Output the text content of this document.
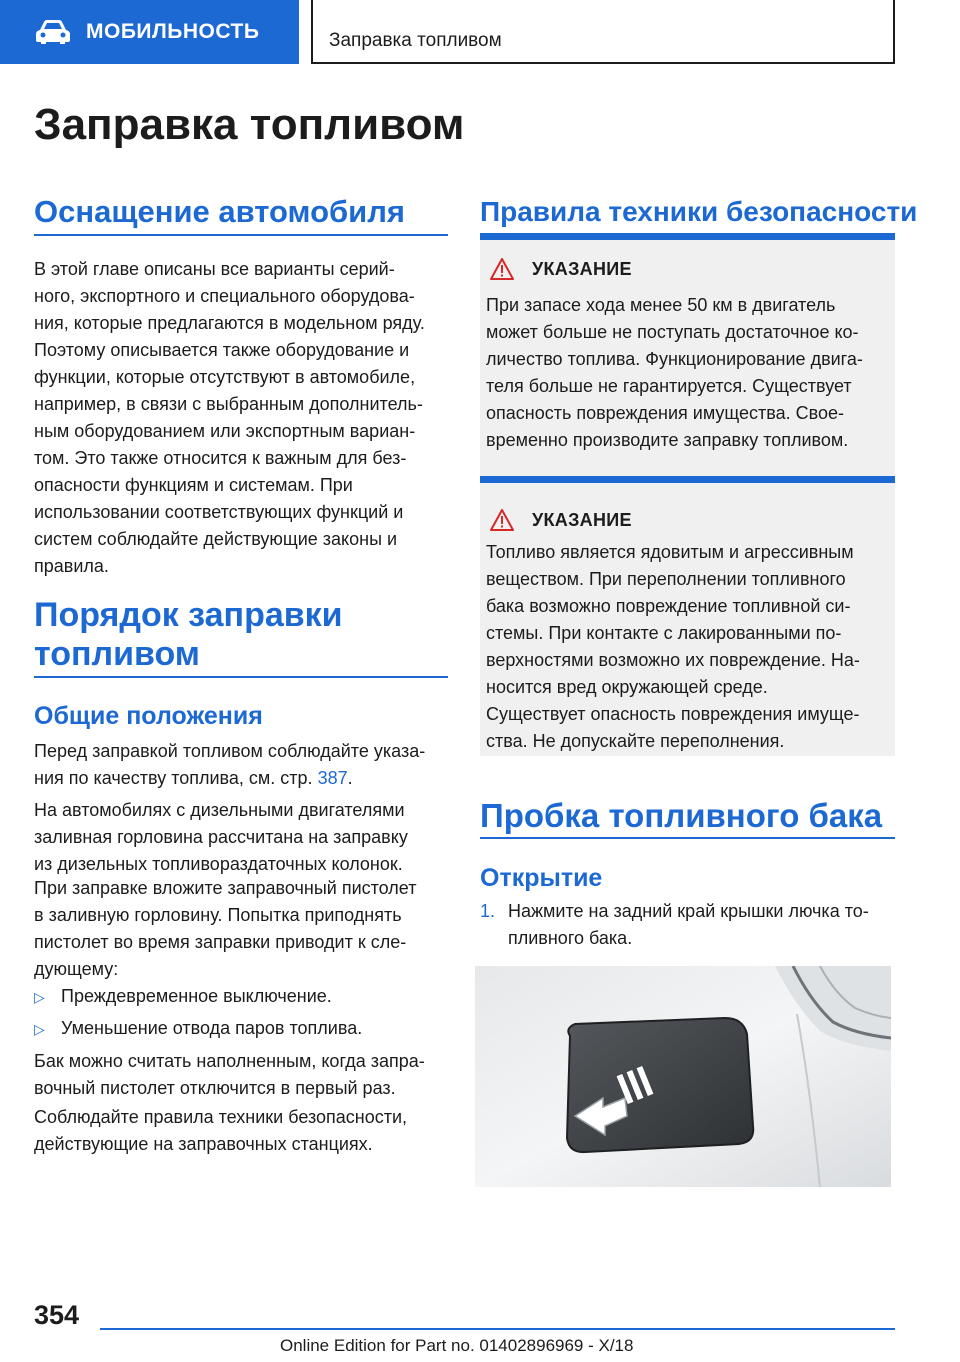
МОБИЛЬНОСТЬ	Заправка топливом
Заправка топливом
Оснащение автомобиля
В этой главе описаны все варианты серий-
ного, экспортного и специального оборудова-
ния, которые предлагаются в модельном ряду.
Поэтому описывается также оборудование и
функции, которые отсутствуют в автомобиле,
например, в связи с выбранным дополнитель-
ным оборудованием или экспортным вариан-
том. Это также относится к важным для без-
опасности функциям и системам. При
использовании соответствующих функций и
систем соблюдайте действующие законы и
правила.
Порядок заправки
топливом
Общие положения
Перед заправкой топливом соблюдайте указа-
ния по качеству топлива, см. стр. 387.
На автомобилях с дизельными двигателями
заливная горловина рассчитана на заправку
из дизельных топливораздаточных колонок.
При заправке вложите заправочный пистолет
в заливную горловину. Попытка приподнять
пистолет во время заправки приводит к сле-
дующему:
▷ Преждевременное выключение.
▷ Уменьшение отвода паров топлива.
Бак можно считать наполненным, когда запра-
вочный пистолет отключится в первый раз.
Соблюдайте правила техники безопасности,
действующие на заправочных станциях.
Правила техники безопасности
УКАЗАНИЕ
При запасе хода менее 50 км в двигатель
может больше не поступать достаточное ко-
личество топлива. Функционирование двига-
теля больше не гарантируется. Существует
опасность повреждения имущества. Свое-
временно производите заправку топливом.
УКАЗАНИЕ
Топливо является ядовитым и агрессивным
веществом. При переполнении топливного
бака возможно повреждение топливной си-
стемы. При контакте с лакированными по-
верхностями возможно их повреждение. На-
носится вред окружающей среде.
Существует опасность повреждения имуще-
ства. Не допускайте переполнения.
Пробка топливного бака
Открытие
1. Нажмите на задний край крышки лючка то-
пливного бака.
354
Online Edition for Part no. 01402896969 - X/18
